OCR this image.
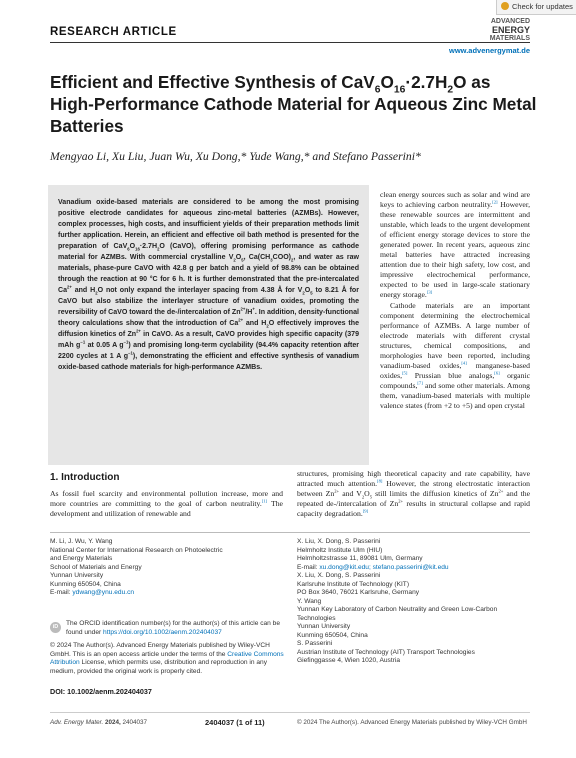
Check for updates
RESEARCH ARTICLE
ADVANCED
ENERGY
MATERIALS
www.advenergymat.de
Efficient and Effective Synthesis of $CaV_6O_{16}\cdot 2.7H_2O$ as
High-Performance Cathode Material for Aqueous Zinc Metal
Batteries
Mengyao Li, Xu Liu, Juan Wu, Xu Dong,* Yude Wang,* and Stefano Passerini*
Vanadium oxide-based materials are considered to be among the most promising positive electrode candidates for aqueous zinc-metal batteries (AZMBs). However, complex processes, high costs, and insufficient yields of their preparation methods limit further application. Herein, an efficient and effective oil bath method is presented for the preparation of $CaV_6O_{16}\cdot 2.7H_2O$ (CaVO), offering promising performance as cathode material for AZMBs. With commercial crystalline $V_2O_5$, $Ca(CH_3COO)_2$, and water as raw materials, phase-pure CaVO with 42.8 g per batch and a yield of 98.8% can be obtained through the reaction at 90 °C for 6 h. It is further demonstrated that the pre-intercalated $Ca^{2+}$ and $H_2O$ not only expand the interlayer spacing from 4.38 Å for $V_2O_5$ to 8.21 Å for CaVO but also stabilize the interlayer structure of vanadium oxides, promoting the reversibility of CaVO toward the de-/intercalation of $Zn^{2+}/H^+$. In addition, density-functional theory calculations show that the introduction of $Ca^{2+}$ and $H_2O$ effectively improves the diffusion kinetics of $Zn^{2+}$ in CaVO. As a result, CaVO provides high specific capacity (379 mAh $g^{-1}$ at 0.05 A $g^{-1}$) and promising long-term cyclability (94.4% capacity retention after 2200 cycles at 1 A $g^{-1}$), demonstrating the efficient and effective synthesis of vanadium oxide-based cathode materials for high-performance AZMBs.
clean energy sources such as solar and wind are keys to achieving carbon neutrality.[2] However, these renewable sources are intermittent and unstable, which leads to the urgent development of efficient energy storage devices to store the generated power. In recent years, aqueous zinc metal batteries have attracted increasing attention due to their high safety, low cost, and impressive electrochemical performance, expected to be used in large-scale stationary energy storage.[3]
Cathode materials are an important component determining the electrochemical performance of AZMBs. A large number of electrode materials with different crystal structures, chemical compositions, and morphologies have been reported, including vanadium-based oxides,[4] manganese-based oxides,[5] Prussian blue analogs,[6] organic compounds,[7] and some other materials. Among them, vanadium-based materials with multiple valence states (from +2 to +5) and open crystal
structures, promising high theoretical capacity and rate capability, have attracted much attention.[8] However, the strong electrostatic interaction between $Zn^{2+}$ and $V_2O_5$ still limits the diffusion kinetics of $Zn^{2+}$ and the repeated de-/intercalation of $Zn^{2+}$ results in structural collapse and rapid capacity degradation.[9]
1. Introduction
As fossil fuel scarcity and environmental pollution increase, more and more countries are committing to the goal of carbon neutrality.[1] The development and utilization of renewable and
M. Li, J. Wu, Y. Wang
National Center for International Research on Photoelectric
and Energy Materials
School of Materials and Energy
Yunnan University
Kunming 650504, China
E-mail: ydwang@ynu.edu.cn
iD	The ORCID identification number(s) for the author(s) of this article can be found under https://doi.org/10.1002/aenm.202404037
© 2024 The Author(s). Advanced Energy Materials published by Wiley-VCH GmbH. This is an open access article under the terms of the Creative Commons Attribution License, which permits use, distribution and reproduction in any medium, provided the original work is properly cited.
DOI: 10.1002/aenm.202404037
X. Liu, X. Dong, S. Passerini
Helmholtz Institute Ulm (HIU)
Helmholtzstrasse 11, 89081 Ulm, Germany
E-mail: xu.dong@kit.edu; stefano.passerini@kit.edu
X. Liu, X. Dong, S. Passerini
Karlsruhe Institute of Technology (KIT)
PO Box 3640, 76021 Karlsruhe, Germany
Y. Wang
Yunnan Key Laboratory of Carbon Neutrality and Green Low-Carbon
Technologies
Yunnan University
Kunming 650504, China
S. Passerini
Austrian Institute of Technology (AIT) Transport Technologies
Giefinggasse 4, Wien 1020, Austria
Adv. Energy Mater. 2024, 2404037	2404037 (1 of 11)	© 2024 The Author(s). Advanced Energy Materials published by Wiley-VCH GmbH
